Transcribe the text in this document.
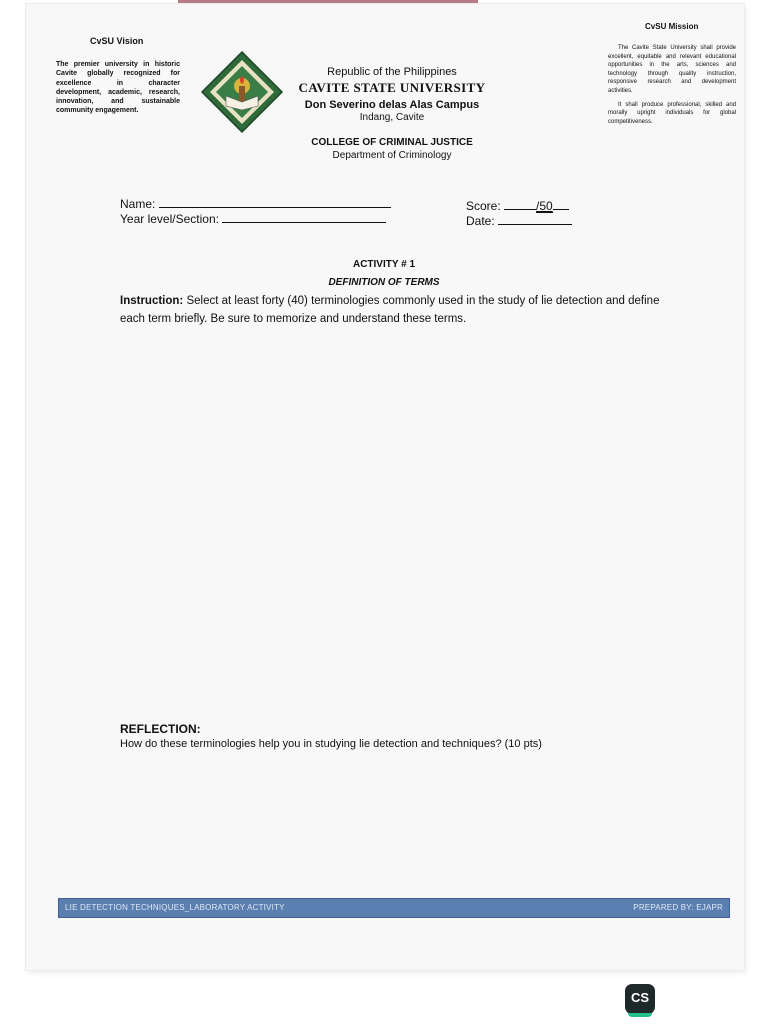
CvSU Vision
The premier university in historic Cavite globally recognized for excellence in character development, academic, research, innovation, and sustainable community engagement.
CvSU Mission

The Cavite State University shall provide excellent, equitable and relevant educational opportunities in the arts, sciences and technology through quality instruction, responsive research and development activities.

It shall produce professional, skilled and morally upright individuals for global competitiveness.

Republic of the Philippines
CAVITE STATE UNIVERSITY
Don Severino delas Alas Campus
Indang, Cavite
COLLEGE OF CRIMINAL JUSTICE
Department of Criminology
Name:
Year level/Section:
Score:	/50
Date:
ACTIVITY # 1
DEFINITION OF TERMS
Instruction: Select at least forty (40) terminologies commonly used in the study of lie detection and define each term briefly. Be sure to memorize and understand these terms.
REFLECTION:
How do these terminologies help you in studying lie detection and techniques? (10 pts)
LIE DETECTION TECHNIQUES_LABORATORY ACTIVITY	PREPARED BY: EJAPR
CS
